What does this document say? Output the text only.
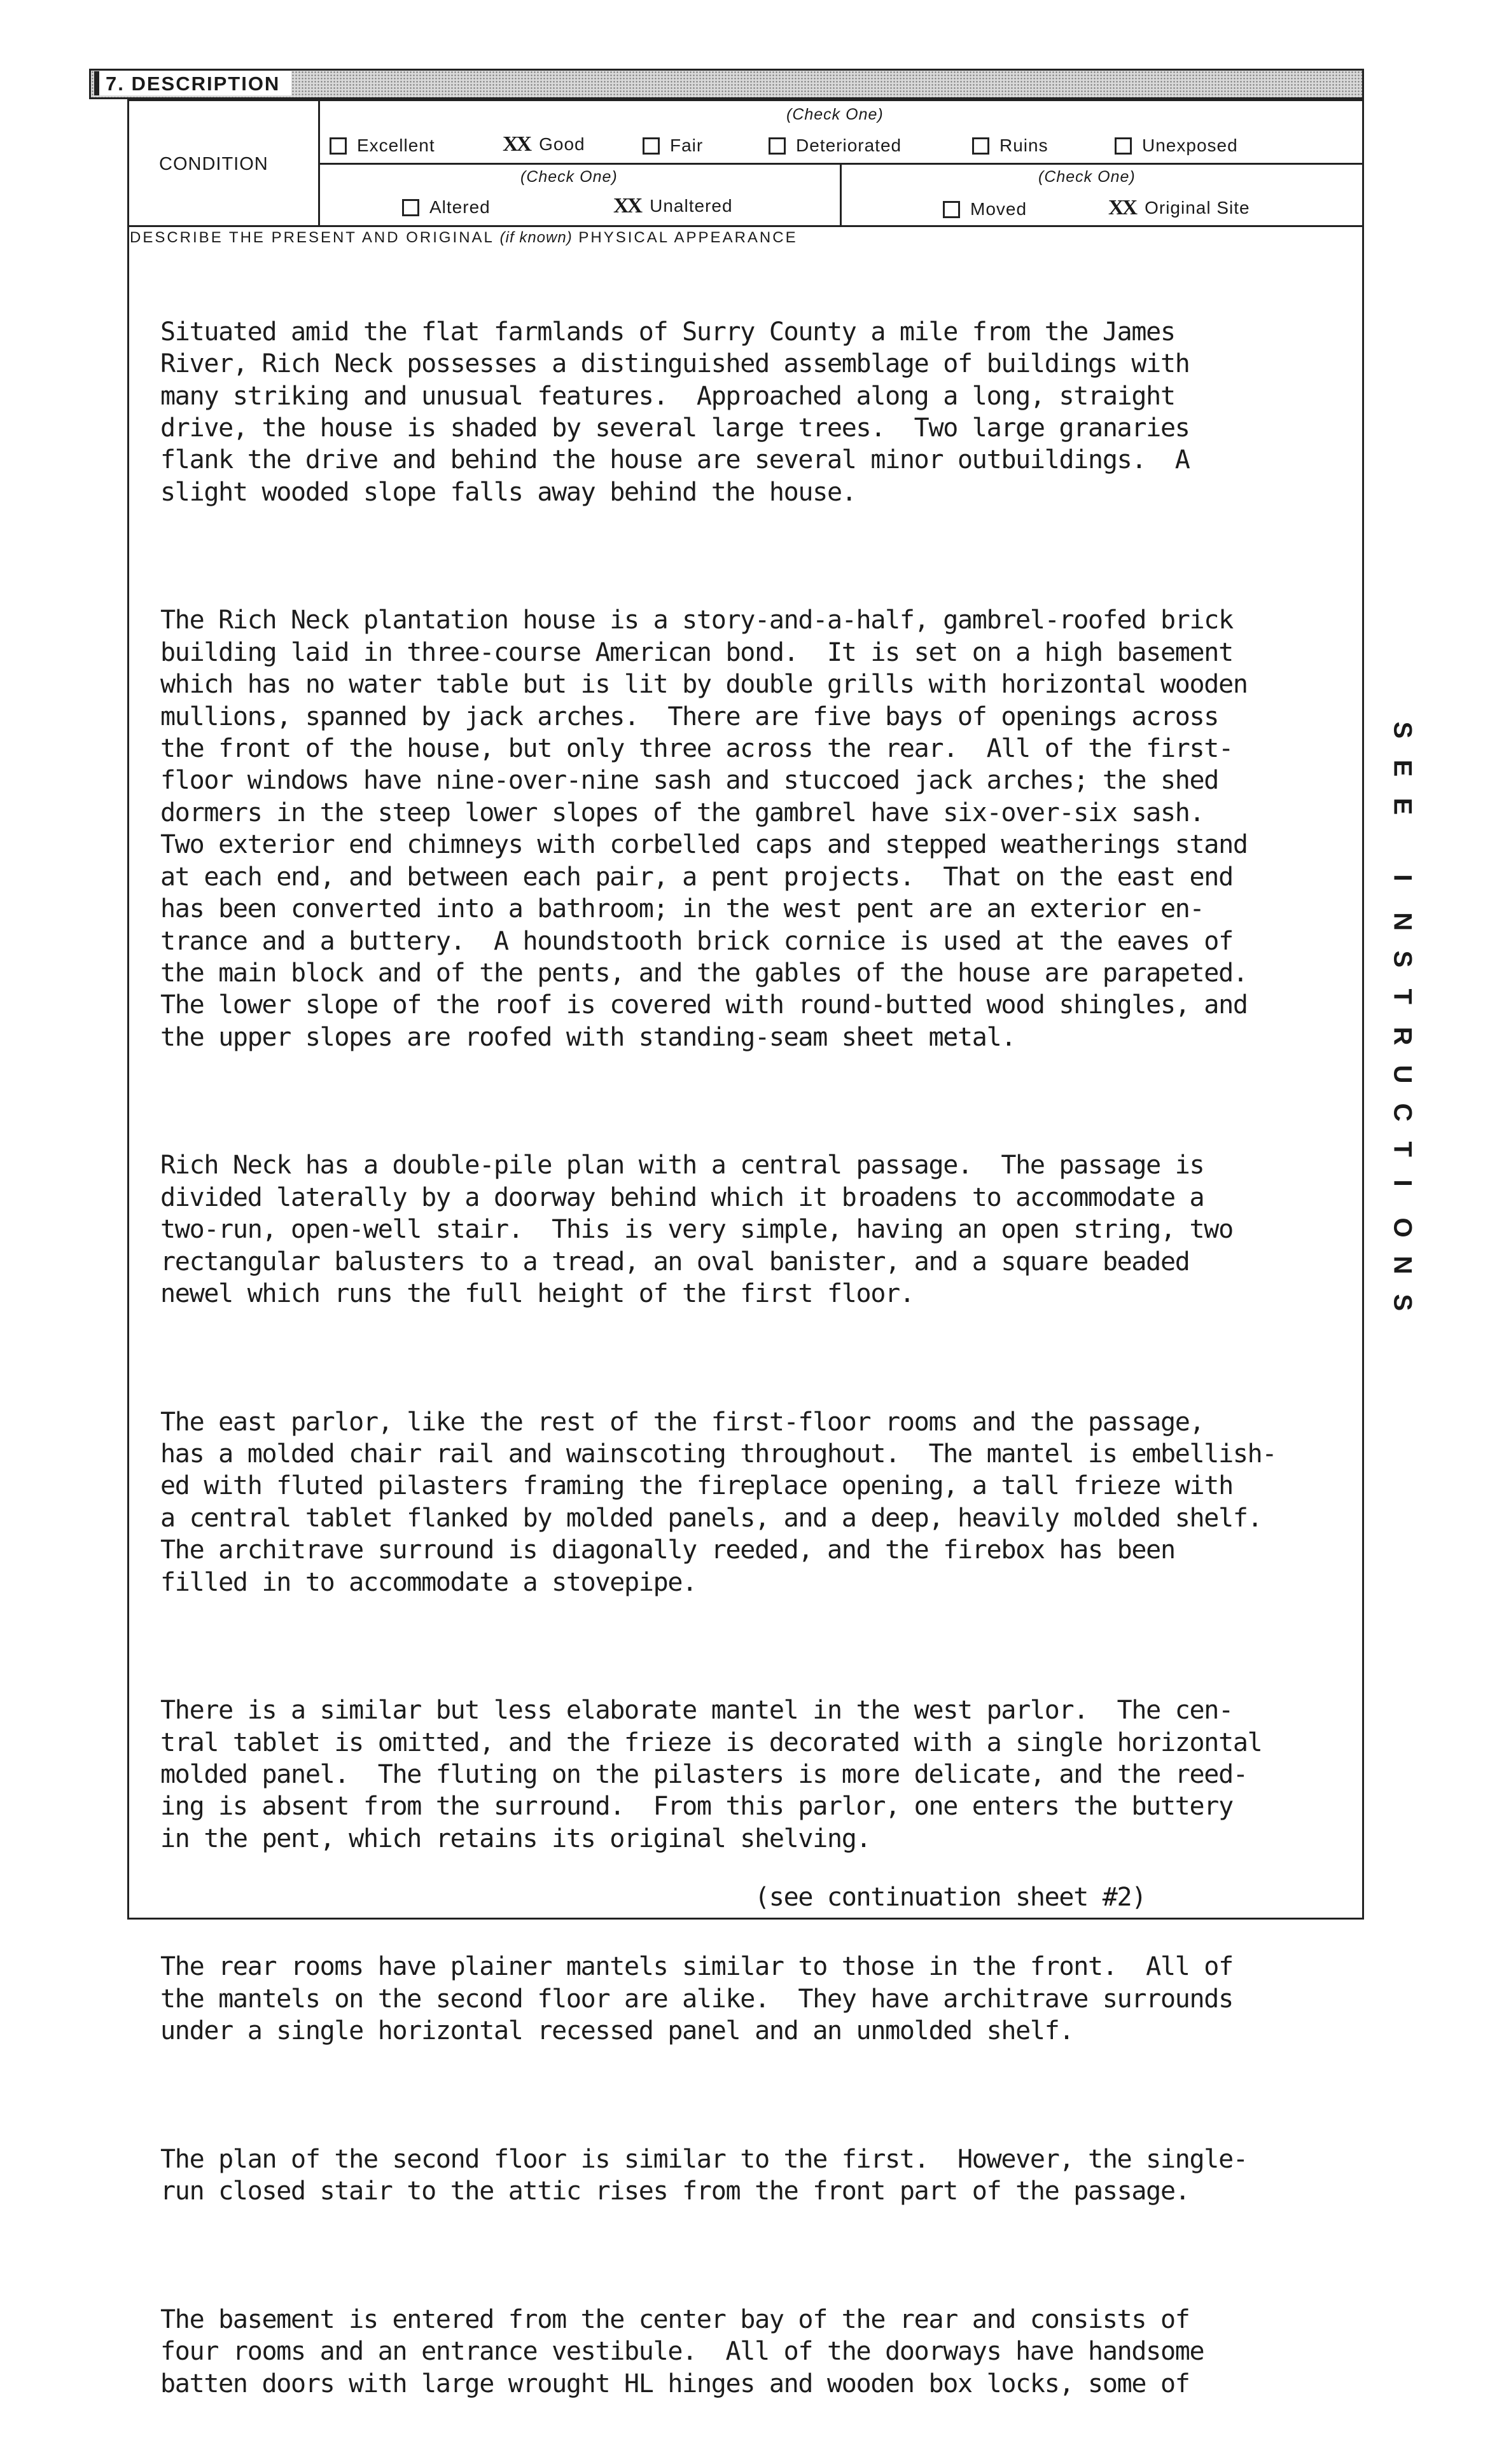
7. DESCRIPTION
CONDITION
(Check One)
(Check One)	(Check One)
Excellent	XX Good	Fair	Deteriorated	Ruins	Unexposed
Altered	XX Unaltered	Moved	XX Original Site
DESCRIBE THE PRESENT AND ORIGINAL (if known) PHYSICAL APPEARANCE

Situated amid the flat farmlands of Surry County a mile from the James
River, Rich Neck possesses a distinguished assemblage of buildings with
many striking and unusual features.  Approached along a long, straight
drive, the house is shaded by several large trees.  Two large granaries
flank the drive and behind the house are several minor outbuildings.  A
slight wooded slope falls away behind the house.

The Rich Neck plantation house is a story-and-a-half, gambrel-roofed brick
building laid in three-course American bond.  It is set on a high basement
which has no water table but is lit by double grills with horizontal wooden
mullions, spanned by jack arches.  There are five bays of openings across
the front of the house, but only three across the rear.  All of the first-
floor windows have nine-over-nine sash and stuccoed jack arches; the shed
dormers in the steep lower slopes of the gambrel have six-over-six sash.
Two exterior end chimneys with corbelled caps and stepped weatherings stand
at each end, and between each pair, a pent projects.  That on the east end
has been converted into a bathroom; in the west pent are an exterior en-
trance and a buttery.  A houndstooth brick cornice is used at the eaves of
the main block and of the pents, and the gables of the house are parapeted.
The lower slope of the roof is covered with round-butted wood shingles, and
the upper slopes are roofed with standing-seam sheet metal.

Rich Neck has a double-pile plan with a central passage.  The passage is
divided laterally by a doorway behind which it broadens to accommodate a
two-run, open-well stair.  This is very simple, having an open string, two
rectangular balusters to a tread, an oval banister, and a square beaded
newel which runs the full height of the first floor.

The east parlor, like the rest of the first-floor rooms and the passage,
has a molded chair rail and wainscoting throughout.  The mantel is embellish-
ed with fluted pilasters framing the fireplace opening, a tall frieze with
a central tablet flanked by molded panels, and a deep, heavily molded shelf.
The architrave surround is diagonally reeded, and the firebox has been
filled in to accommodate a stovepipe.

There is a similar but less elaborate mantel in the west parlor.  The cen-
tral tablet is omitted, and the frieze is decorated with a single horizontal
molded panel.  The fluting on the pilasters is more delicate, and the reed-
ing is absent from the surround.  From this parlor, one enters the buttery
in the pent, which retains its original shelving.

The rear rooms have plainer mantels similar to those in the front.  All of
the mantels on the second floor are alike.  They have architrave surrounds
under a single horizontal recessed panel and an unmolded shelf.

The plan of the second floor is similar to the first.  However, the single-
run closed stair to the attic rises from the front part of the passage.

The basement is entered from the center bay of the rear and consists of
four rooms and an entrance vestibule.  All of the doorways have handsome
batten doors with large wrought HL hinges and wooden box locks, some of

(see continuation sheet #2)
S
E
E
I
N
S
T
R
U
C
T
I
O
N
S
